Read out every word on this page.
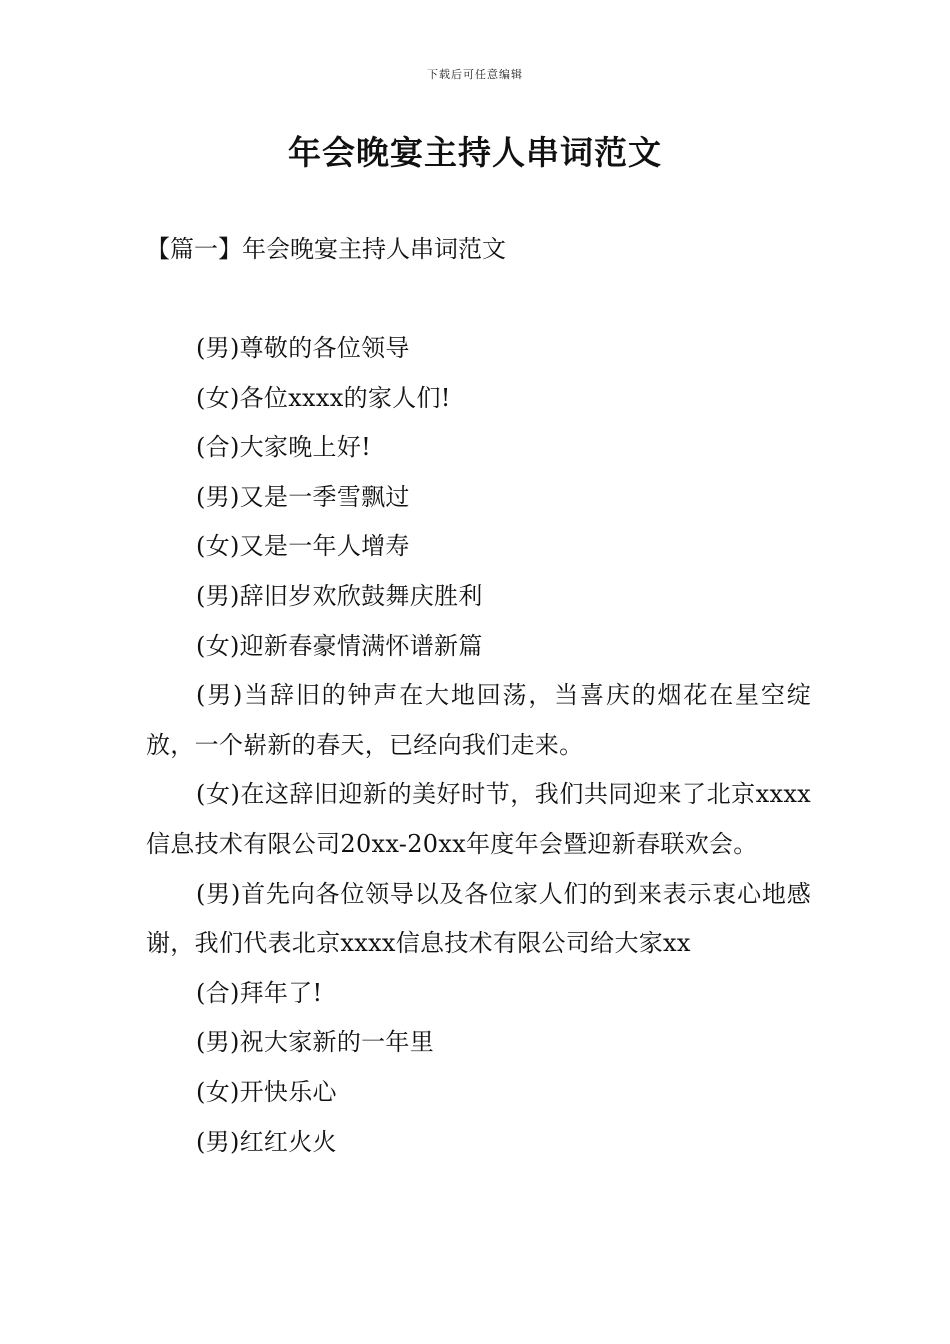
下载后可任意编辑
年会晚宴主持人串词范文
【篇一】年会晚宴主持人串词范文

(男)尊敬的各位领导

(女)各位xxxx的家人们!

(合)大家晚上好!

(男)又是一季雪飘过

(女)又是一年人增寿

(男)辞旧岁欢欣鼓舞庆胜利

(女)迎新春豪情满怀谱新篇

(男)当辞旧的钟声在大地回荡，当喜庆的烟花在星空绽放，一个崭新的春天，已经向我们走来。

(女)在这辞旧迎新的美好时节，我们共同迎来了北京xxxx信息技术有限公司20xx-20xx年度年会暨迎新春联欢会。

(男)首先向各位领导以及各位家人们的到来表示衷心地感谢，我们代表北京xxxx信息技术有限公司给大家xx

(合)拜年了!

(男)祝大家新的一年里

(女)开快乐心

(男)红红火火
